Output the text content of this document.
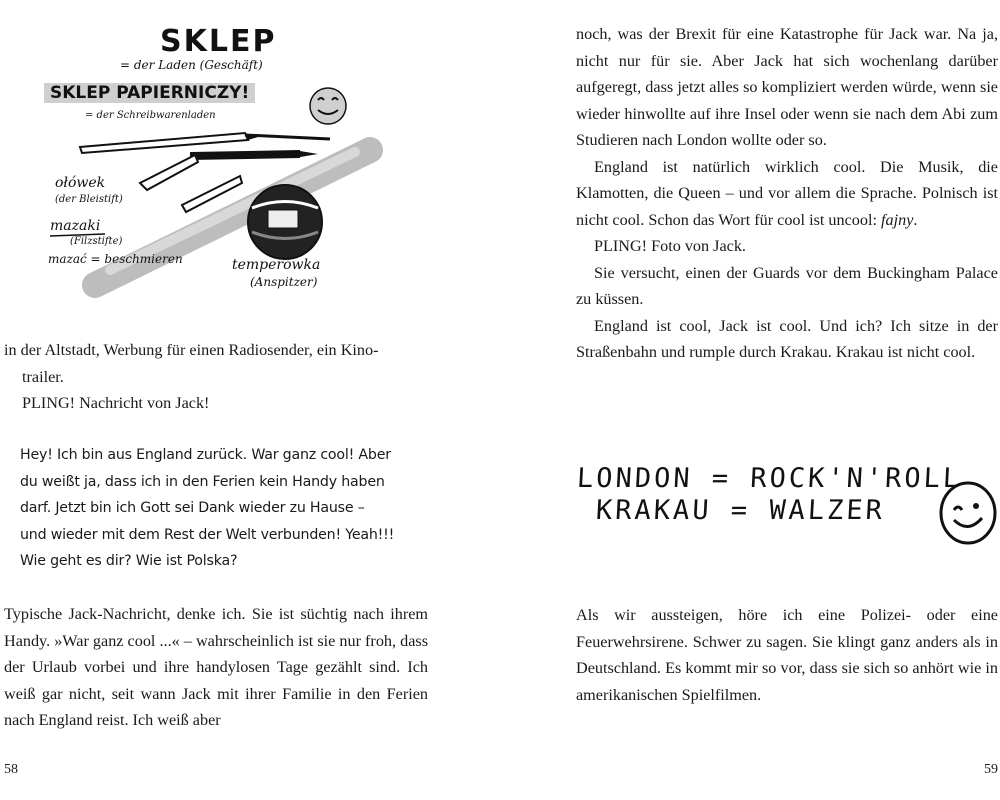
SKLEP
= der Laden (Geschäft)
SKLEP PAPIERNICZY!
= der Schreibwarenladen
ołówek
(der Bleistift)
mazaki
(Filzstifte)
mazać = beschmieren	temperówka
(Anspitzer)

in der Altstadt, Werbung für einen Radiosender, ein Kino-

trailer.

PLING! Nachricht von Jack!

Hey! Ich bin aus England zurück. War ganz cool! Aber

du weißt ja, dass ich in den Ferien kein Handy haben

darf. Jetzt bin ich Gott sei Dank wieder zu Hause –

und wieder mit dem Rest der Welt verbunden! Yeah!!!

Wie geht es dir? Wie ist Polska?

Typische Jack-Nachricht, denke ich. Sie ist süchtig nach ihrem Handy. »War ganz cool ...« – wahrscheinlich ist sie nur froh, dass der Urlaub vorbei und ihre handylosen Tage gezählt sind. Ich weiß gar nicht, seit wann Jack mit ihrer Familie in den Ferien nach England reist. Ich weiß aber

58

noch, was der Brexit für eine Katastrophe für Jack war. Na ja, nicht nur für sie. Aber Jack hat sich wochenlang darüber aufgeregt, dass jetzt alles so kompliziert werden würde, wenn sie wieder hinwollte auf ihre Insel oder wenn sie nach dem Abi zum Studieren nach London wollte oder so.

England ist natürlich wirklich cool. Die Musik, die Klamotten, die Queen – und vor allem die Sprache. Polnisch ist nicht cool. Schon das Wort für cool ist uncool: fajny.

PLING! Foto von Jack.

Sie versucht, einen der Guards vor dem Buckingham Palace zu küssen.

England ist cool, Jack ist cool. Und ich? Ich sitze in der Straßenbahn und rumple durch Krakau. Krakau ist nicht cool.

LONDON = ROCK'N'ROLL
KRAKAU = WALZER

Als wir aussteigen, höre ich eine Polizei- oder eine Feuerwehrsirene. Schwer zu sagen. Sie klingt ganz anders als in Deutschland. Es kommt mir so vor, dass sie sich so anhört wie in amerikanischen Spielfilmen.

59
